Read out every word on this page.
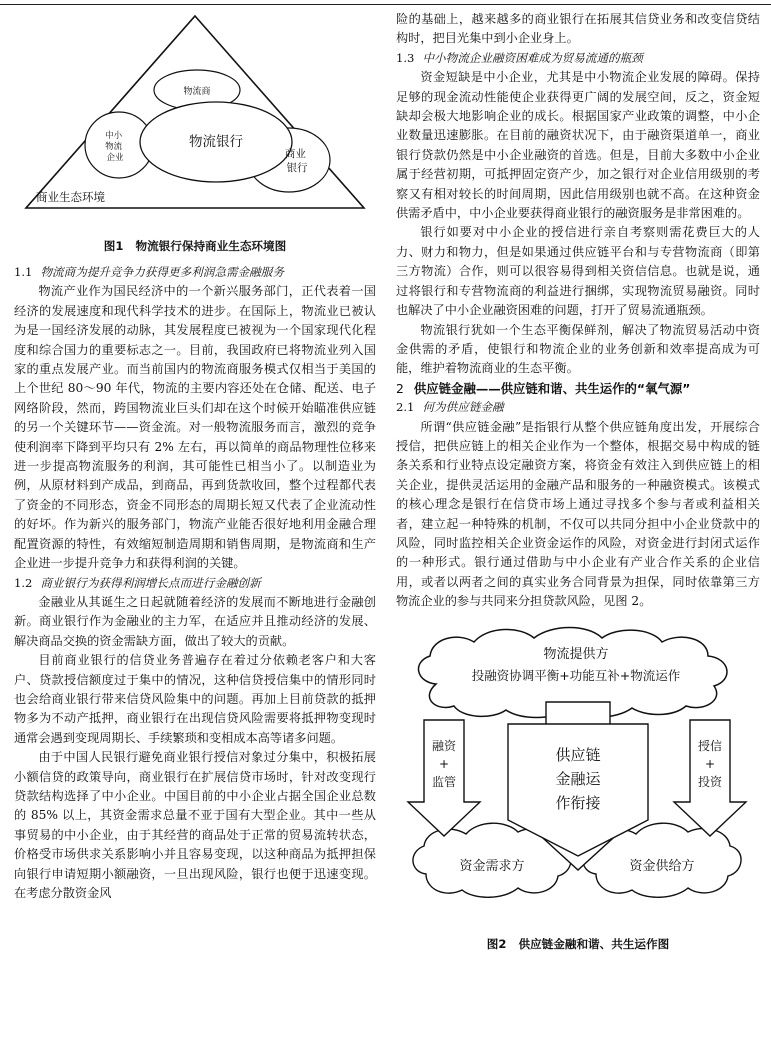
物流商
物流银行
中小 物流 企业	商业 银行
商业生态环境

图1 物流银行保持商业生态环境图

1.1 物流商为提升竞争力获得更多利润急需金融服务

物流产业作为国民经济中的一个新兴服务部门，正代表着一国经济的发展速度和现代科学技术的进步。在国际上，物流业已被认为是一国经济发展的动脉，其发展程度已被视为一个国家现代化程度和综合国力的重要标志之一。目前，我国政府已将物流业列入国家的重点发展产业。而当前国内的物流商服务模式仅相当于美国的上个世纪 80～90 年代，物流的主要内容还处在仓储、配送、电子网络阶段，然而，跨国物流业巨头们却在这个时候开始瞄准供应链的另一个关键环节——资金流。对一般物流服务而言，激烈的竞争使利润率下降到平均只有 2% 左右，再以简单的商品物理性位移来进一步提高物流服务的利润，其可能性已相当小了。以制造业为例，从原材料到产成品，到商品，再到货款收回，整个过程都代表了资金的不同形态，资金不同形态的周期长短又代表了企业流动性的好坏。作为新兴的服务部门，物流产业能否很好地利用金融合理配置资源的特性，有效缩短制造周期和销售周期，是物流商和生产企业进一步提升竞争力和获得利润的关键。

1.2 商业银行为获得利润增长点而进行金融创新

金融业从其诞生之日起就随着经济的发展而不断地进行金融创新。商业银行作为金融业的主力军，在适应并且推动经济的发展、解决商品交换的资金需缺方面，做出了较大的贡献。

目前商业银行的信贷业务普遍存在着过分依赖老客户和大客户、贷款授信额度过于集中的情况，这种信贷授信集中的情形同时也会给商业银行带来信贷风险集中的问题。再加上目前贷款的抵押物多为不动产抵押，商业银行在出现信贷风险需要将抵押物变现时通常会遇到变现周期长、手续繁琐和变相成本高等诸多问题。

由于中国人民银行避免商业银行授信对象过分集中，积极拓展小额信贷的政策导向，商业银行在扩展信贷市场时，针对改变现行贷款结构选择了中小企业。中国目前的中小企业占据全国企业总数的 85% 以上，其资金需求总量不亚于国有大型企业。其中一些从事贸易的中小企业，由于其经营的商品处于正常的贸易流转状态，价格受市场供求关系影响小并且容易变现，以这种商品为抵押担保向银行申请短期小额融资，一旦出现风险，银行也便于迅速变现。在考虑分散资金风

险的基础上，越来越多的商业银行在拓展其信贷业务和改变信贷结构时，把目光集中到小企业身上。

1.3 中小物流企业融资困难成为贸易流通的瓶颈

资金短缺是中小企业，尤其是中小物流企业发展的障碍。保持足够的现金流动性能使企业获得更广阔的发展空间，反之，资金短缺却会极大地影响企业的成长。根据国家产业政策的调整，中小企业数量迅速膨胀。在目前的融资状况下，由于融资渠道单一，商业银行贷款仍然是中小企业融资的首选。但是，目前大多数中小企业属于经营初期，可抵押固定资产少，加之银行对企业信用级别的考察又有相对较长的时间周期，因此信用级别也就不高。在这种资金供需矛盾中，中小企业要获得商业银行的融资服务是非常困难的。

银行如要对中小企业的授信进行亲自考察则需花费巨大的人力、财力和物力，但是如果通过供应链平台和与专营物流商（即第三方物流）合作，则可以很容易得到相关资信信息。也就是说，通过将银行和专营物流商的利益进行捆绑，实现物流贸易融资。同时也解决了中小企业融资困难的问题，打开了贸易流通瓶颈。

物流银行犹如一个生态平衡保鲜剂，解决了物流贸易活动中资金供需的矛盾，使银行和物流企业的业务创新和效率提高成为可能，维护着物流商业的生态平衡。

2 供应链金融——供应链和谐、共生运作的“氧气源”

2.1 何为供应链金融

所谓“供应链金融”是指银行从整个供应链角度出发，开展综合授信，把供应链上的相关企业作为一个整体，根据交易中构成的链条关系和行业特点设定融资方案，将资金有效注入到供应链上的相关企业，提供灵活运用的金融产品和服务的一种融资模式。该模式的核心理念是银行在信贷市场上通过寻找多个参与者或利益相关者，建立起一种特殊的机制，不仅可以共同分担中小企业贷款中的风险，同时监控相关企业资金运作的风险，对资金进行封闭式运作的一种形式。银行通过借助与中小企业有产业合作关系的企业信用，或者以两者之间的真实业务合同背景为担保，同时依靠第三方物流企业的参与共同来分担贷款风险，见图 2。

物流提供方
投融资协调平衡+功能互补+物流运作
资金需求方	资金供给方
融资
+
监管
授信
+
投资
供应链
金融运
作衔接

图2 供应链金融和谐、共生运作图
